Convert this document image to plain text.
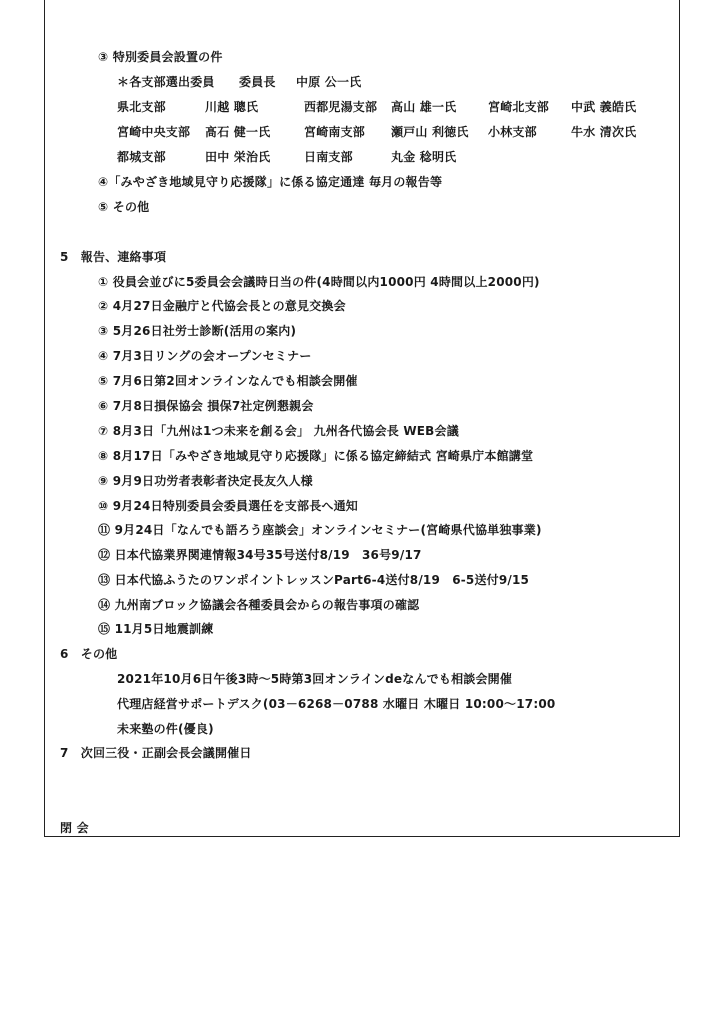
③ 特別委員会設置の件
＊各支部選出委員 委員長 中原 公一氏
県北支部	川越 聰氏	西都児湯支部 高山 雄一氏	宮崎北支部 中武 義皓氏
宮崎中央支部 髙石 健一氏	宮崎南支部 瀬戸山 利徳氏 小林支部	牛水 清次氏
都城支部	田中 栄治氏	日南支部	丸金 稔明氏
④「みやざき地域見守り応援隊」に係る協定通達 毎月の報告等
⑤ その他
5　報告、連絡事項
① 役員会並びに5委員会会議時日当の件(4時間以内1000円 4時間以上2000円)
② 4月27日金融庁と代協会長との意見交換会
③ 5月26日社労士診断(活用の案内)
④ 7月3日リングの会オープンセミナー
⑤ 7月6日第2回オンラインなんでも相談会開催
⑥ 7月8日損保協会 損保7社定例懇親会
⑦ 8月3日「九州は1つ未来を創る会」 九州各代協会長 WEB会議
⑧ 8月17日「みやざき地域見守り応援隊」に係る協定締結式 宮崎県庁本館講堂
⑨ 9月9日功労者表彰者決定長友久人様
⑩ 9月24日特別委員会委員選任を支部長へ通知
⑪ 9月24日「なんでも語ろう座談会」オンラインセミナー(宮崎県代協単独事業)
⑫ 日本代協業界関連情報34号35号送付8/19　36号9/17
⑬ 日本代協ふうたのワンポイントレッスンPart6-4送付8/19　6-5送付9/15
⑭ 九州南ブロック協議会各種委員会からの報告事項の確認
⑮ 11月5日地震訓練
6　その他
2021年10月6日午後3時～5時第3回オンラインdeなんでも相談会開催
代理店経営サポートデスク(03－6268－0788 水曜日 木曜日 10:00～17:00
未来塾の件(優良)
7　次回三役・正副会長会議開催日
閉 会
